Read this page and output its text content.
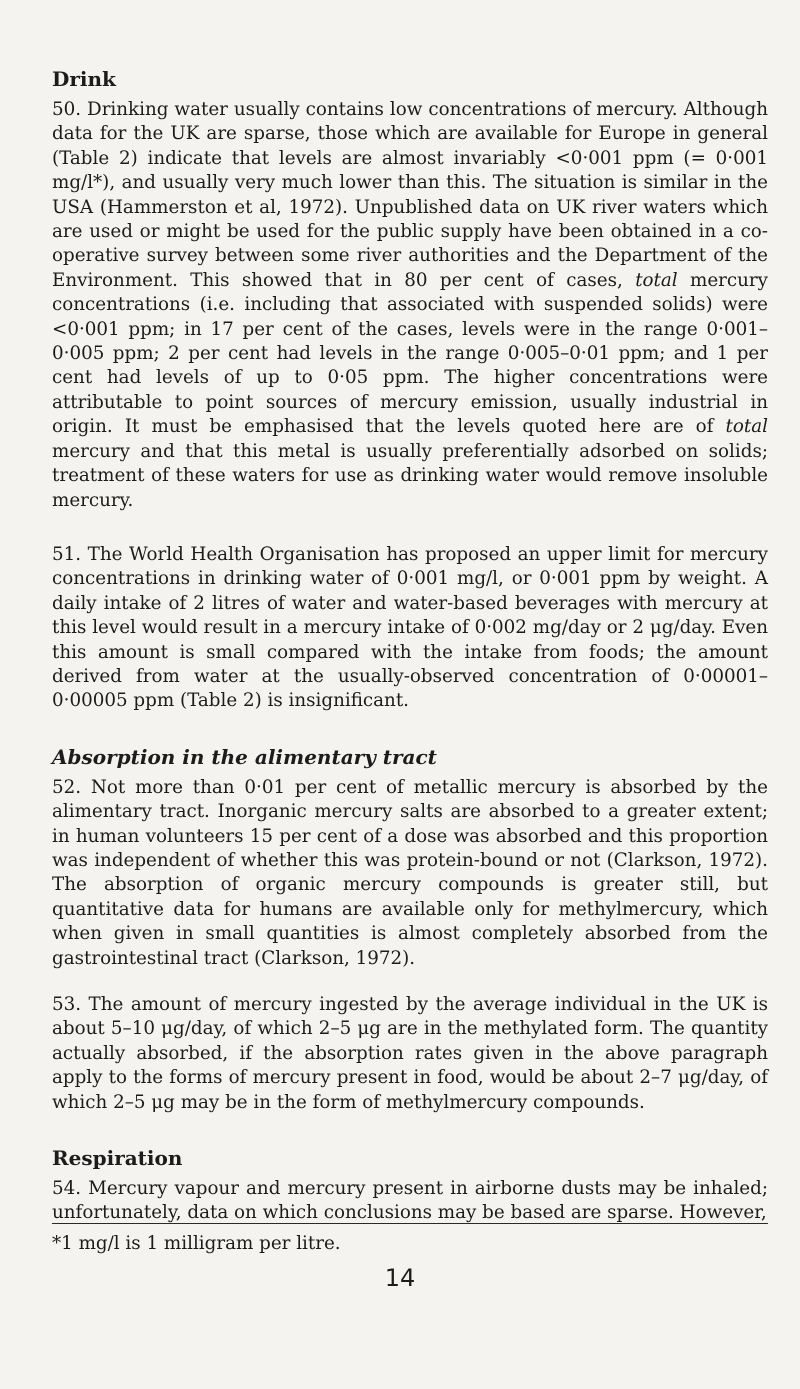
Drink

50. Drinking water usually contains low concentrations of mercury. Although data for the UK are sparse, those which are available for Europe in general (Table 2) indicate that levels are almost invariably <0·001 ppm (= 0·001 mg/l*), and usually very much lower than this. The situation is similar in the USA (Hammerston et al, 1972). Unpublished data on UK river waters which are used or might be used for the public supply have been obtained in a co-operative survey between some river authorities and the Department of the Environment. This showed that in 80 per cent of cases, total mercury concentrations (i.e. including that associated with suspended solids) were <0·001 ppm; in 17 per cent of the cases, levels were in the range 0·001–0·005 ppm; 2 per cent had levels in the range 0·005–0·01 ppm; and 1 per cent had levels of up to 0·05 ppm. The higher concentrations were attributable to point sources of mercury emission, usually industrial in origin. It must be emphasised that the levels quoted here are of total mercury and that this metal is usually preferentially adsorbed on solids; treatment of these waters for use as drinking water would remove insoluble mercury.

51. The World Health Organisation has proposed an upper limit for mercury concentrations in drinking water of 0·001 mg/l, or 0·001 ppm by weight. A daily intake of 2 litres of water and water-based beverages with mercury at this level would result in a mercury intake of 0·002 mg/day or 2 μg/day. Even this amount is small compared with the intake from foods; the amount derived from water at the usually-observed concentration of 0·00001–0·00005 ppm (Table 2) is insignificant.

Absorption in the alimentary tract

52. Not more than 0·01 per cent of metallic mercury is absorbed by the alimentary tract. Inorganic mercury salts are absorbed to a greater extent; in human volunteers 15 per cent of a dose was absorbed and this proportion was independent of whether this was protein-bound or not (Clarkson, 1972). The absorption of organic mercury compounds is greater still, but quantitative data for humans are available only for methylmercury, which when given in small quantities is almost completely absorbed from the gastrointestinal tract (Clarkson, 1972).

53. The amount of mercury ingested by the average individual in the UK is about 5–10 μg/day, of which 2–5 μg are in the methylated form. The quantity actually absorbed, if the absorption rates given in the above paragraph apply to the forms of mercury present in food, would be about 2–7 μg/day, of which 2–5 μg may be in the form of methylmercury compounds.

Respiration

54. Mercury vapour and mercury present in airborne dusts may be inhaled; unfortunately, data on which conclusions may be based are sparse. However,

*1 mg/l is 1 milligram per litre.
14
